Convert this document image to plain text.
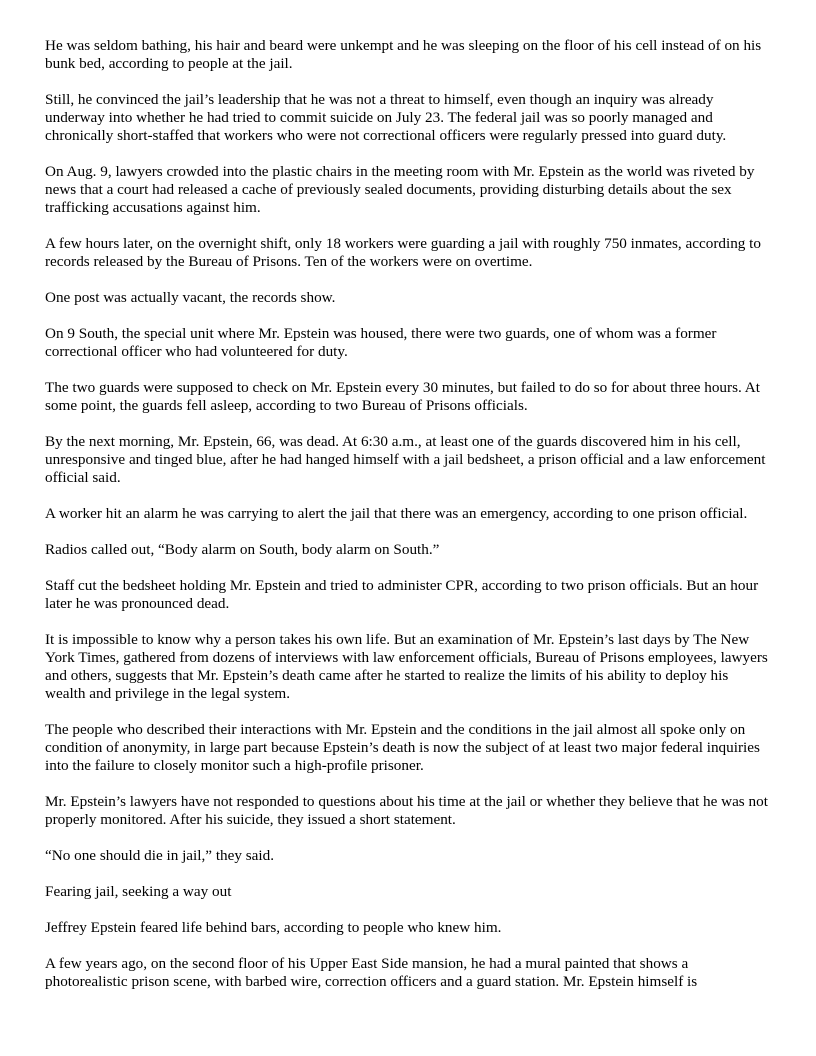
He was seldom bathing, his hair and beard were unkempt and he was sleeping on the floor of his cell instead of on his bunk bed, according to people at the jail.

Still, he convinced the jail’s leadership that he was not a threat to himself, even though an inquiry was already underway into whether he had tried to commit suicide on July 23. The federal jail was so poorly managed and chronically short-staffed that workers who were not correctional officers were regularly pressed into guard duty.

On Aug. 9, lawyers crowded into the plastic chairs in the meeting room with Mr. Epstein as the world was riveted by news that a court had released a cache of previously sealed documents, providing disturbing details about the sex trafficking accusations against him.

A few hours later, on the overnight shift, only 18 workers were guarding a jail with roughly 750 inmates, according to records released by the Bureau of Prisons. Ten of the workers were on overtime.

One post was actually vacant, the records show.

On 9 South, the special unit where Mr. Epstein was housed, there were two guards, one of whom was a former correctional officer who had volunteered for duty.

The two guards were supposed to check on Mr. Epstein every 30 minutes, but failed to do so for about three hours. At some point, the guards fell asleep, according to two Bureau of Prisons officials.

By the next morning, Mr. Epstein, 66, was dead. At 6:30 a.m., at least one of the guards discovered him in his cell, unresponsive and tinged blue, after he had hanged himself with a jail bedsheet, a prison official and a law enforcement official said.

A worker hit an alarm he was carrying to alert the jail that there was an emergency, according to one prison official.

Radios called out, “Body alarm on South, body alarm on South.”

Staff cut the bedsheet holding Mr. Epstein and tried to administer CPR, according to two prison officials. But an hour later he was pronounced dead.

It is impossible to know why a person takes his own life. But an examination of Mr. Epstein’s last days by The New York Times, gathered from dozens of interviews with law enforcement officials, Bureau of Prisons employees, lawyers and others, suggests that Mr. Epstein’s death came after he started to realize the limits of his ability to deploy his wealth and privilege in the legal system.

The people who described their interactions with Mr. Epstein and the conditions in the jail almost all spoke only on condition of anonymity, in large part because Epstein’s death is now the subject of at least two major federal inquiries into the failure to closely monitor such a high-profile prisoner.

Mr. Epstein’s lawyers have not responded to questions about his time at the jail or whether they believe that he was not properly monitored. After his suicide, they issued a short statement.

“No one should die in jail,” they said.

Fearing jail, seeking a way out

Jeffrey Epstein feared life behind bars, according to people who knew him.

A few years ago, on the second floor of his Upper East Side mansion, he had a mural painted that shows a photorealistic prison scene, with barbed wire, correction officers and a guard station. Mr. Epstein himself is
